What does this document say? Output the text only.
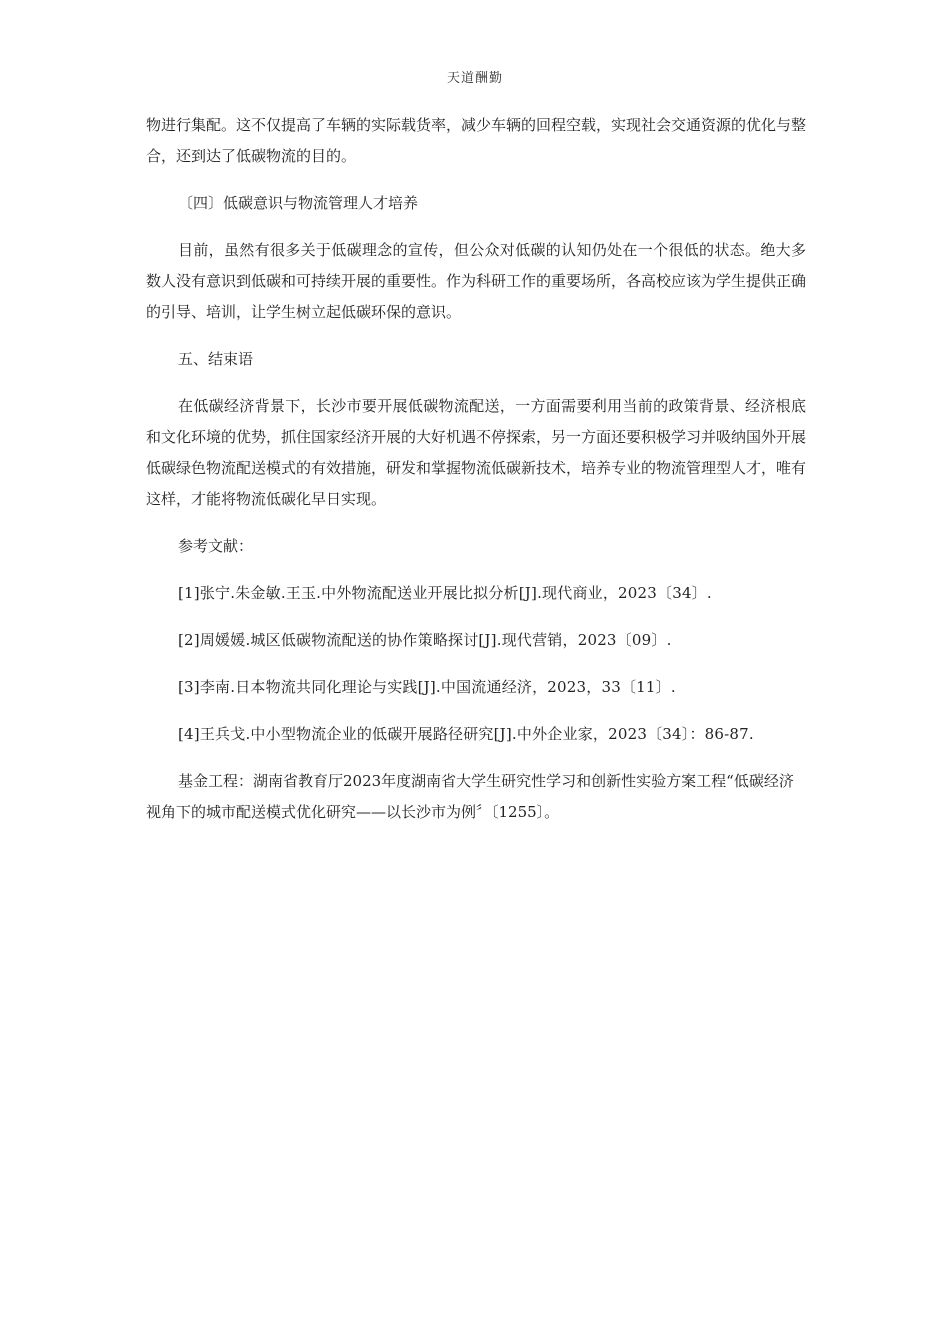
天道酬勤

物进行集配。这不仅提高了车辆的实际载货率，减少车辆的回程空载，实现社会交通资源的优化与整合，还到达了低碳物流的目的。

〔四〕低碳意识与物流管理人才培养

目前，虽然有很多关于低碳理念的宣传，但公众对低碳的认知仍处在一个很低的状态。绝大多数人没有意识到低碳和可持续开展的重要性。作为科研工作的重要场所，各高校应该为学生提供正确的引导、培训，让学生树立起低碳环保的意识。

五、结束语

在低碳经济背景下，长沙市要开展低碳物流配送，一方面需要利用当前的政策背景、经济根底和文化环境的优势，抓住国家经济开展的大好机遇不停探索，另一方面还要积极学习并吸纳国外开展低碳绿色物流配送模式的有效措施，研发和掌握物流低碳新技术，培养专业的物流管理型人才，唯有这样，才能将物流低碳化早日实现。

参考文献：

[1]张宁.朱金敏.王玉.中外物流配送业开展比拟分析[J].现代商业，2023〔34〕.

[2]周媛媛.城区低碳物流配送的协作策略探讨[J].现代营销，2023〔09〕.

[3]李南.日本物流共同化理论与实践[J].中国流通经济，2023，33〔11〕.

[4]王兵戈.中小型物流企业的低碳开展路径研究[J].中外企业家，2023〔34〕：86-87.

基金工程：湖南省教育厅2023年度湖南省大学生研究性学习和创新性实验方案工程“低碳经济视角下的城市配送模式优化研究——以长沙市为例〞〔1255〕。
